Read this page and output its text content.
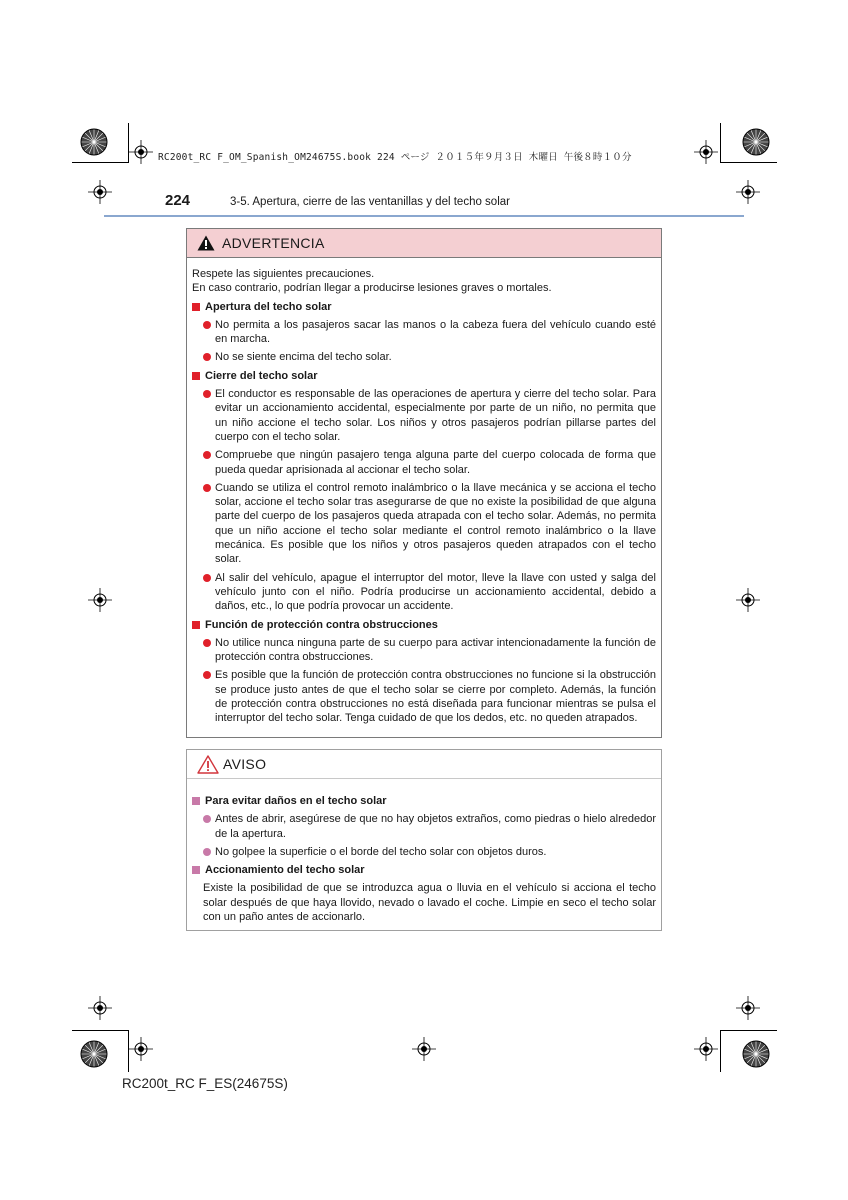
RC200t_RC F_OM_Spanish_OM24675S.book 224 ページ ２０１５年９月３日 木曜日 午後８時１０分
224	3-5. Apertura, cierre de las ventanillas y del techo solar
ADVERTENCIA

Respete las siguientes precauciones.

En caso contrario, podrían llegar a producirse lesiones graves o mortales.

Apertura del techo solar
No permita a los pasajeros sacar las manos o la cabeza fuera del vehículo cuando esté en marcha.
No se siente encima del techo solar.
Cierre del techo solar
El conductor es responsable de las operaciones de apertura y cierre del techo solar. Para evitar un accionamiento accidental, especialmente por parte de un niño, no permita que un niño accione el techo solar. Los niños y otros pasajeros podrían pillarse partes del cuerpo con el techo solar.
Compruebe que ningún pasajero tenga alguna parte del cuerpo colocada de forma que pueda quedar aprisionada al accionar el techo solar.
Cuando se utiliza el control remoto inalámbrico o la llave mecánica y se acciona el techo solar, accione el techo solar tras asegurarse de que no existe la posibilidad de que alguna parte del cuerpo de los pasajeros queda atrapada con el techo solar. Además, no permita que un niño accione el techo solar mediante el control remoto inalámbrico o la llave mecánica. Es posible que los niños y otros pasajeros queden atrapados con el techo solar.
Al salir del vehículo, apague el interruptor del motor, lleve la llave con usted y salga del vehículo junto con el niño. Podría producirse un accionamiento accidental, debido a daños, etc., lo que podría provocar un accidente.
Función de protección contra obstrucciones
No utilice nunca ninguna parte de su cuerpo para activar intencionadamente la función de protección contra obstrucciones.
Es posible que la función de protección contra obstrucciones no funcione si la obstrucción se produce justo antes de que el techo solar se cierre por completo. Además, la función de protección contra obstrucciones no está diseñada para funcionar mientras se pulsa el interruptor del techo solar. Tenga cuidado de que los dedos, etc. no queden atrapados.
AVISO
Para evitar daños en el techo solar
Antes de abrir, asegúrese de que no hay objetos extraños, como piedras o hielo alrededor de la apertura.
No golpee la superficie o el borde del techo solar con objetos duros.
Accionamiento del techo solar
Existe la posibilidad de que se introduzca agua o lluvia en el vehículo si acciona el techo solar después de que haya llovido, nevado o lavado el coche. Limpie en seco el techo solar con un paño antes de accionarlo.
RC200t_RC F_ES(24675S)
